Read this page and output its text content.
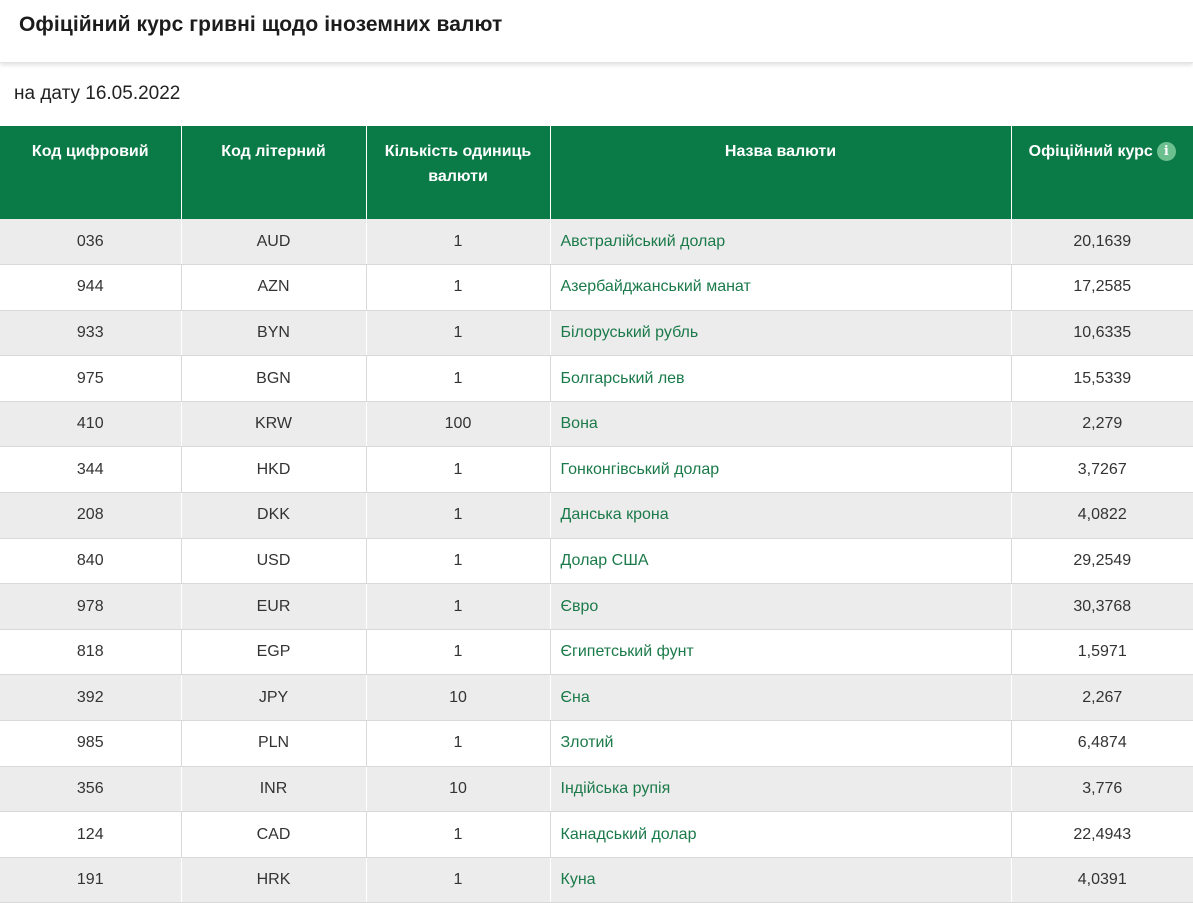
Офіційний курс гривні щодо іноземних валют
на дату 16.05.2022
Код цифровий	Код літерний	Кількість одиниць валюти	Назва валюти	Офіційний курс i
036	AUD	1	Австралійський долар	20,1639
944	AZN	1	Азербайджанський манат	17,2585
933	BYN	1	Білоруський рубль	10,6335
975	BGN	1	Болгарський лев	15,5339
410	KRW	100	Вона	2,279
344	HKD	1	Гонконгівський долар	3,7267
208	DKK	1	Данська крона	4,0822
840	USD	1	Долар США	29,2549
978	EUR	1	Євро	30,3768
818	EGP	1	Єгипетський фунт	1,5971
392	JPY	10	Єна	2,267
985	PLN	1	Злотий	6,4874
356	INR	10	Індійська рупія	3,776
124	CAD	1	Канадський долар	22,4943
191	HRK	1	Куна	4,0391
